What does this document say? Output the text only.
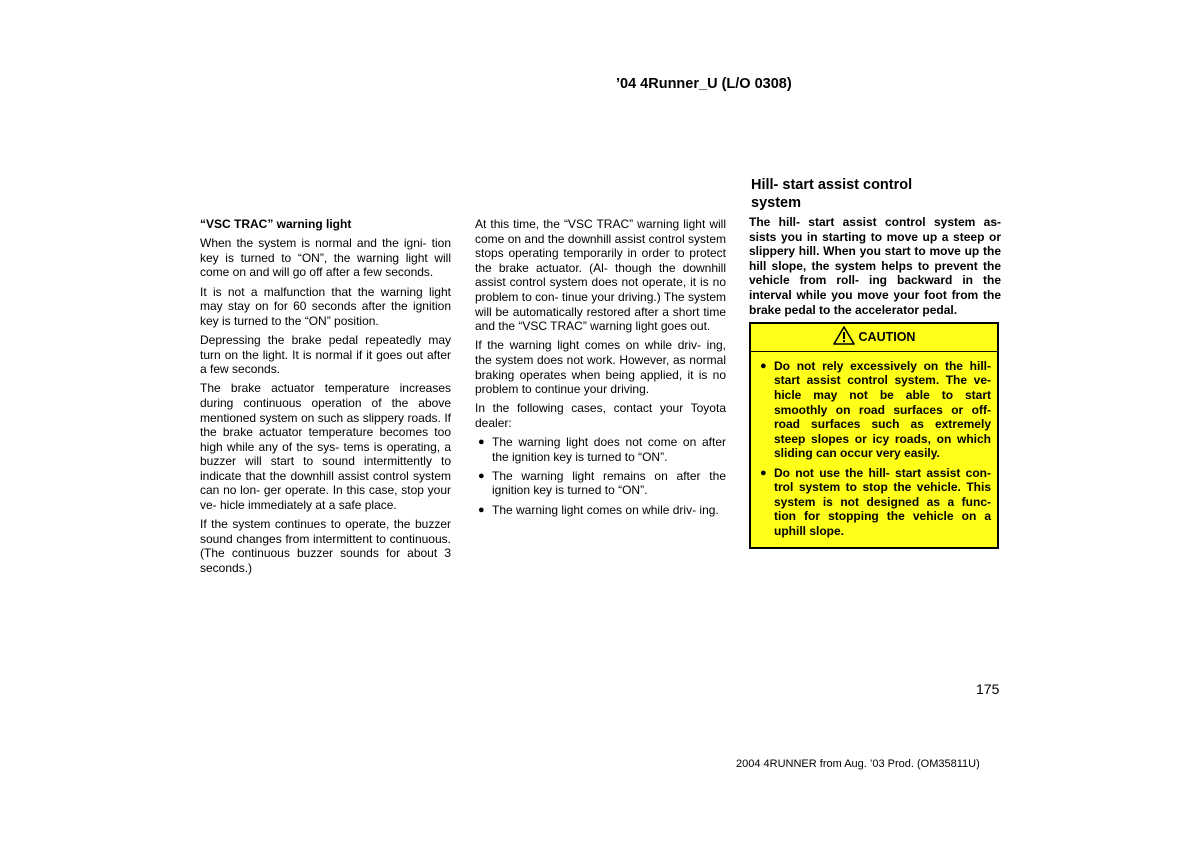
’04 4Runner_U (L/O 0308)
“VSC TRAC” warning light

When the system is normal and the igni- tion key is turned to “ON”, the warning light will come on and will go off after a few seconds.

It is not a malfunction that the warning light may stay on for 60 seconds after the ignition key is turned to the “ON” position.

Depressing the brake pedal repeatedly may turn on the light. It is normal if it goes out after a few seconds.

The brake actuator temperature increases during continuous operation of the above mentioned system on such as slippery roads. If the brake actuator temperature becomes too high while any of the sys- tems is operating, a buzzer will start to sound intermittently to indicate that the downhill assist control system can no lon- ger operate. In this case, stop your ve- hicle immediately at a safe place.

If the system continues to operate, the buzzer sound changes from intermittent to continuous. (The continuous buzzer sounds for about 3 seconds.)

At this time, the “VSC TRAC” warning light will come on and the downhill assist control system stops operating temporarily in order to protect the brake actuator. (Al- though the downhill assist control system does not operate, it is no problem to con- tinue your driving.) The system will be automatically restored after a short time and the “VSC TRAC” warning light goes out.

If the warning light comes on while driv- ing, the system does not work. However, as normal braking operates when being applied, it is no problem to continue your driving.

In the following cases, contact your Toyota dealer:

● The warning light does not come on after the ignition key is turned to “ON”.
● The warning light remains on after the ignition key is turned to “ON”.
● The warning light comes on while driv- ing.
Hill- start assist control system

The hill- start assist control system as- sists you in starting to move up a steep or slippery hill. When you start to move up the hill slope, the system helps to prevent the vehicle from roll- ing backward in the interval while you move your foot from the brake pedal to the accelerator pedal.

CAUTION
● Do not rely excessively on the hill- start assist control system. The ve- hicle may not be able to start smoothly on road surfaces or off- road surfaces such as extremely steep slopes or icy roads, on which sliding can occur very easily.
● Do not use the hill- start assist con- trol system to stop the vehicle. This system is not designed as a func- tion for stopping the vehicle on a uphill slope.
175
2004 4RUNNER from Aug. ’03 Prod. (OM35811U)
